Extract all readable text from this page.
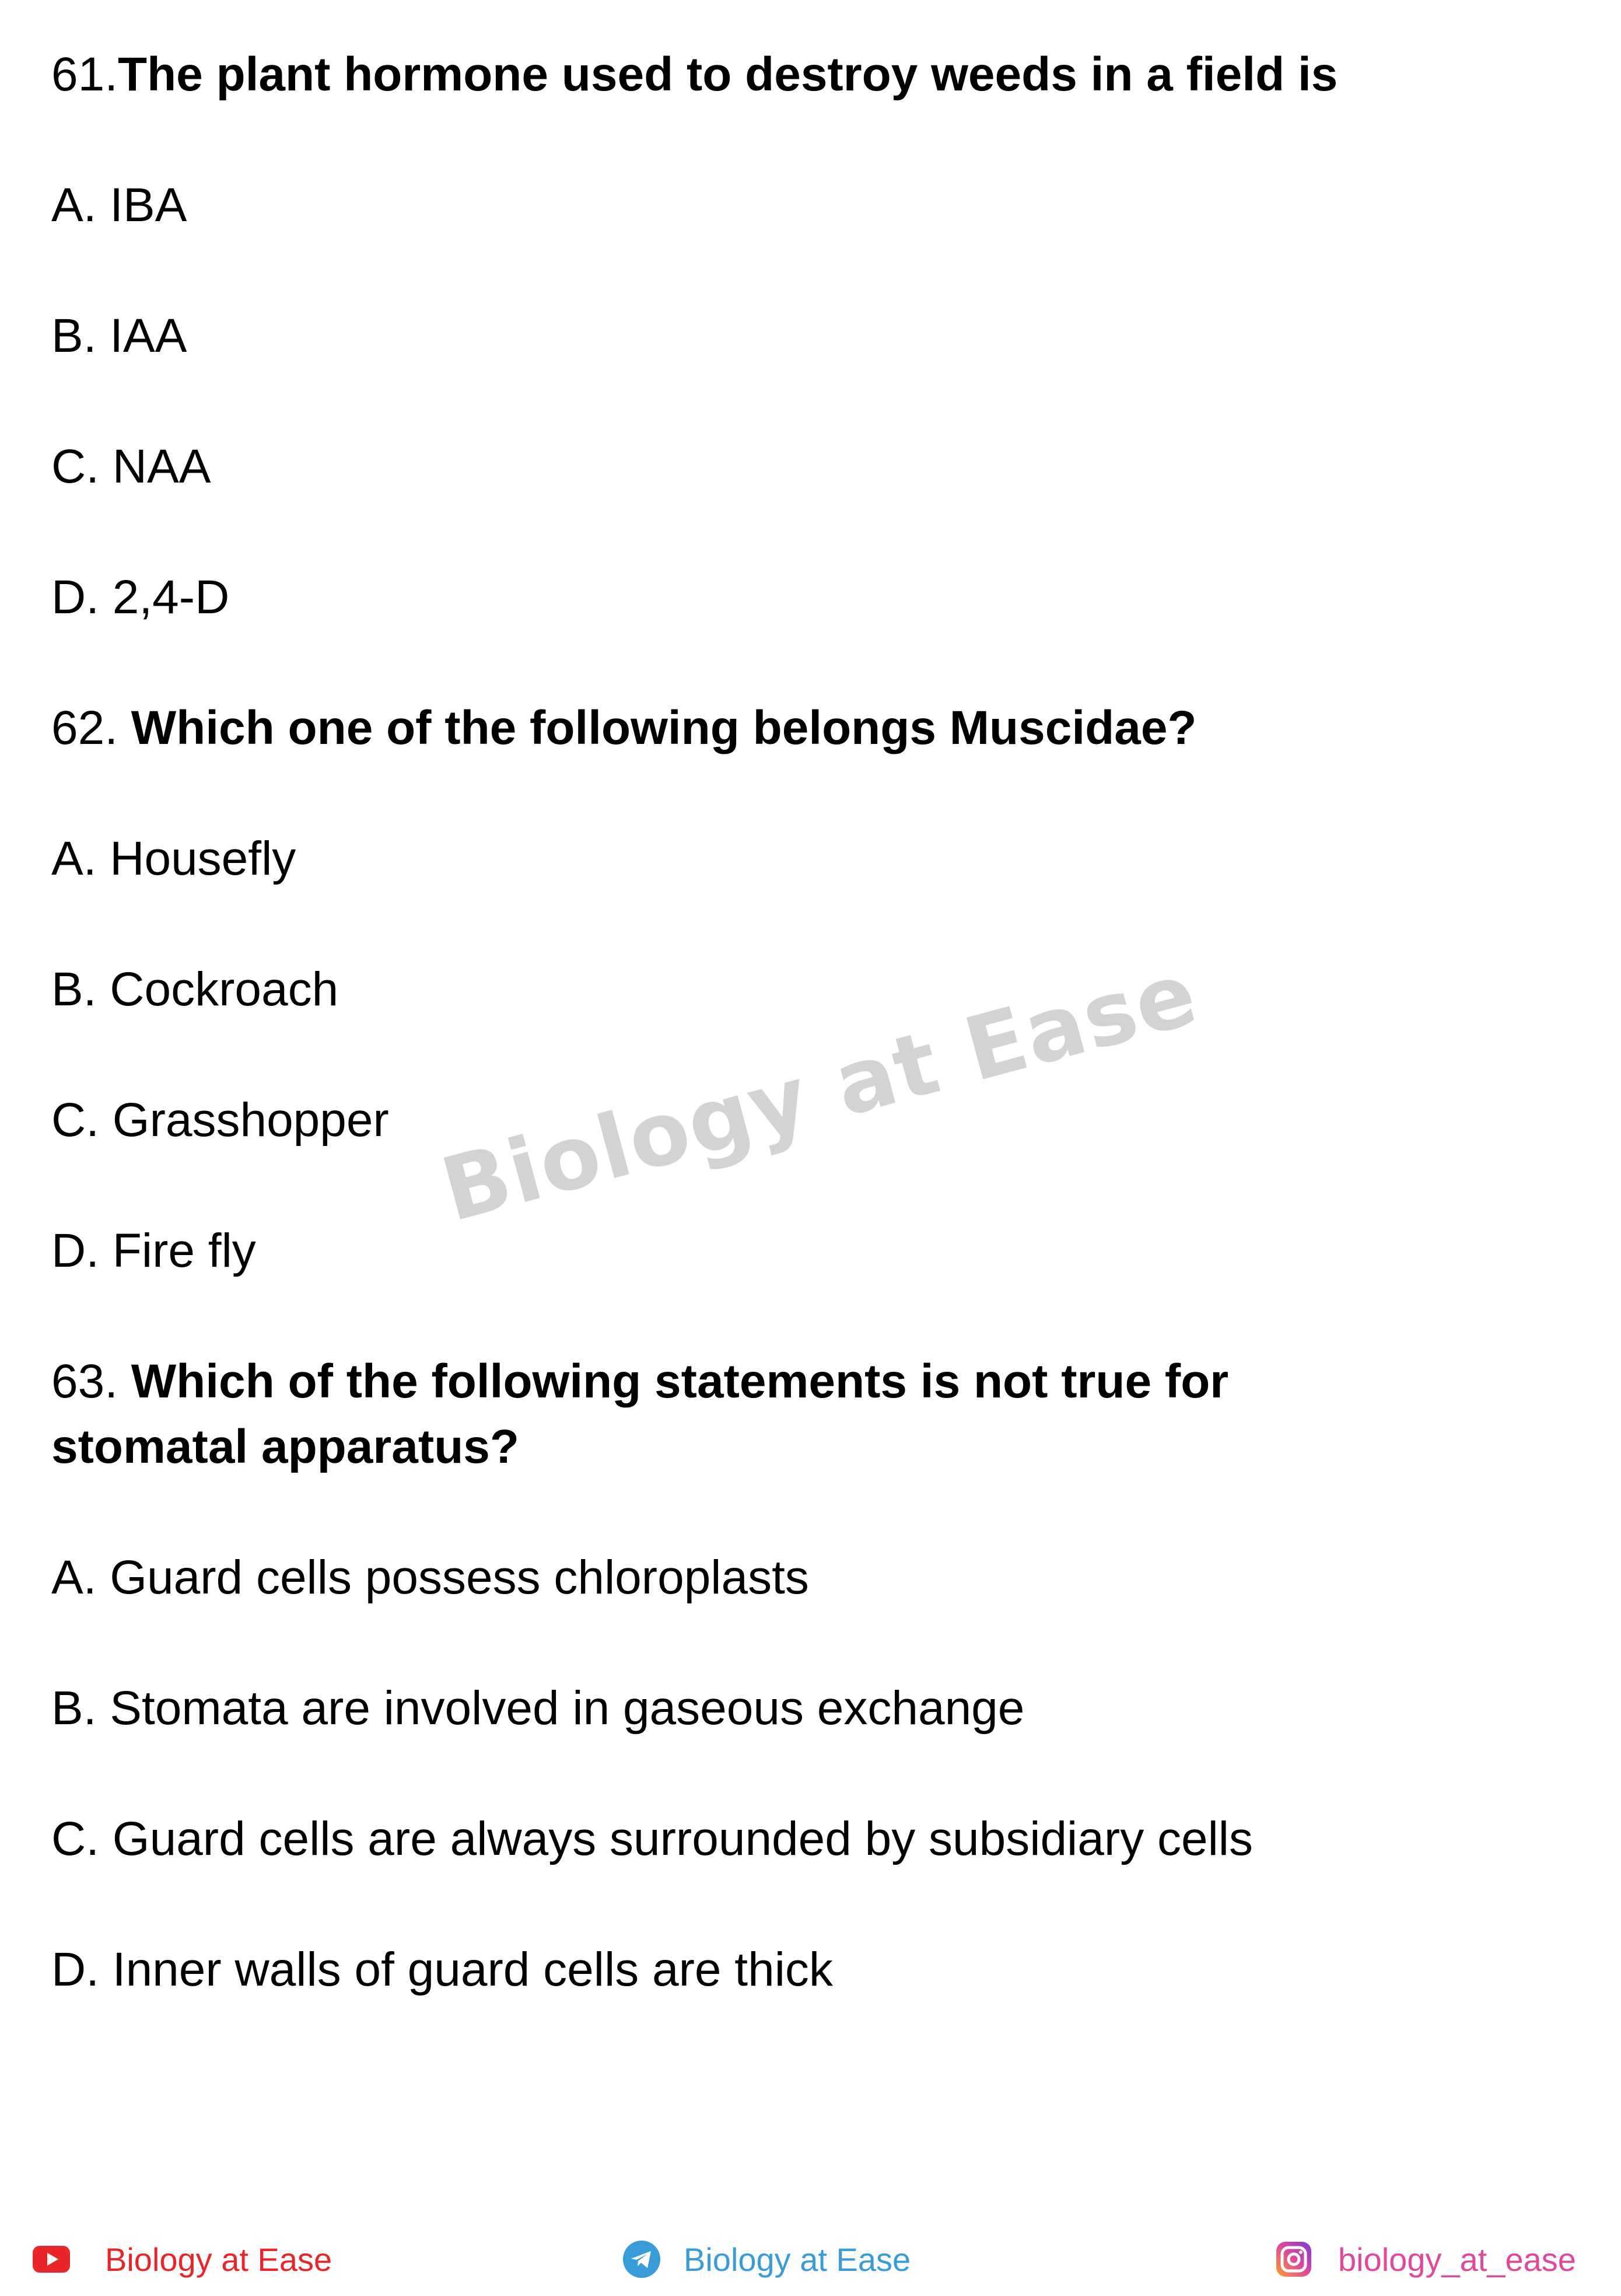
61.The plant hormone used to destroy weeds in a field is
A. IBA
B. IAA
C. NAA
D. 2,4-D
62. Which one of the following belongs Muscidae?
A. Housefly
B. Cockroach
C. Grasshopper
D. Fire fly
63. Which of the following statements is not true for
stomatal apparatus?
A. Guard cells possess chloroplasts
B. Stomata are involved in gaseous exchange
C. Guard cells are always surrounded by subsidiary cells
D. Inner walls of guard cells are thick
Biology at Ease
Biology at Ease	Biology at Ease	biology_at_ease
